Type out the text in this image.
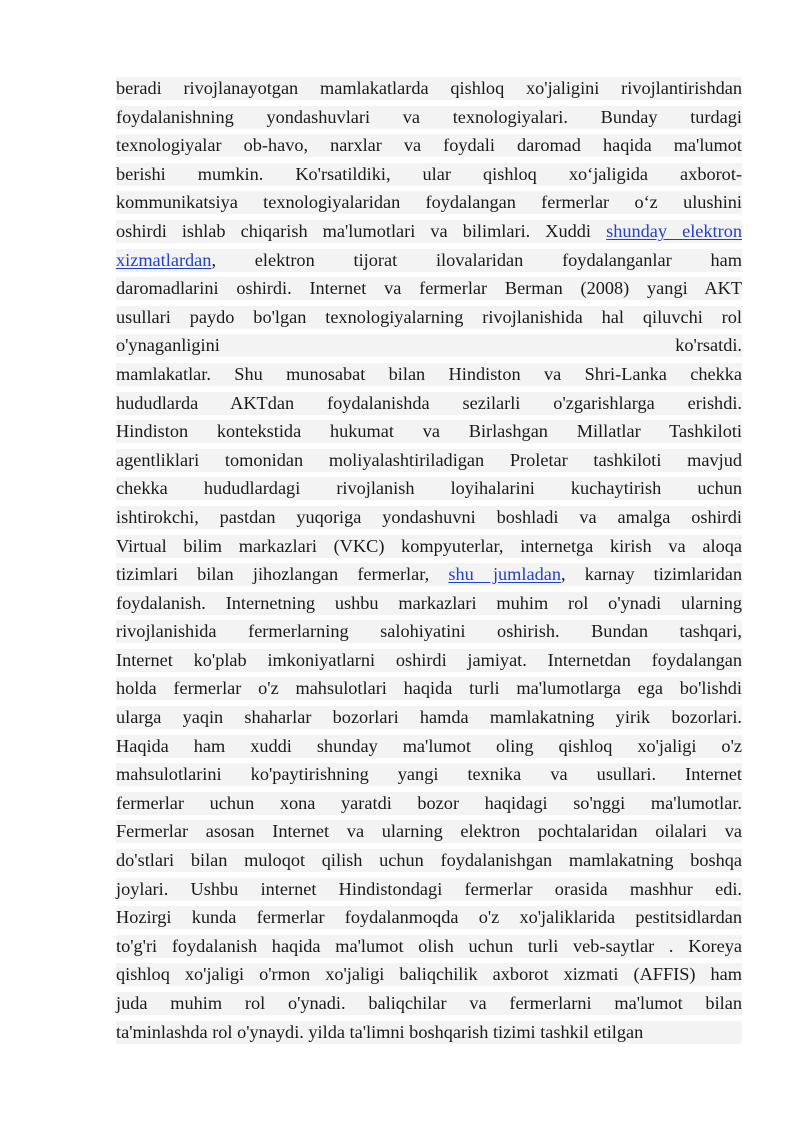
beradi rivojlanayotgan mamlakatlarda qishloq xo'jaligini rivojlantirishdan
foydalanishning yondashuvlari va texnologiyalari. Bunday turdagi
texnologiyalar ob-havo, narxlar va foydali daromad haqida ma'lumot
berishi mumkin. Ko'rsatildiki, ular qishloq xo‘jaligida axborot-
kommunikatsiya texnologiyalaridan foydalangan fermerlar o‘z ulushini
oshirdi ishlab chiqarish ma'lumotlari va bilimlari. Xuddi shunday elektron
xizmatlardan, elektron tijorat ilovalaridan foydalanganlar ham
daromadlarini oshirdi. Internet va fermerlar Berman (2008) yangi AKT
usullari paydo bo'lgan texnologiyalarning rivojlanishida hal qiluvchi rol
o'ynaganligini ko'rsatdi.
mamlakatlar. Shu munosabat bilan Hindiston va Shri-Lanka chekka
hududlarda AKTdan foydalanishda sezilarli o'zgarishlarga erishdi.
Hindiston kontekstida hukumat va Birlashgan Millatlar Tashkiloti
agentliklari tomonidan moliyalashtiriladigan Proletar tashkiloti mavjud
chekka hududlardagi rivojlanish loyihalarini kuchaytirish uchun
ishtirokchi, pastdan yuqoriga yondashuvni boshladi va amalga oshirdi
Virtual bilim markazlari (VKC) kompyuterlar, internetga kirish va aloqa
tizimlari bilan jihozlangan fermerlar, shu jumladan, karnay tizimlaridan
foydalanish. Internetning ushbu markazlari muhim rol o'ynadi ularning
rivojlanishida fermerlarning salohiyatini oshirish. Bundan tashqari,
Internet ko'plab imkoniyatlarni oshirdi jamiyat. Internetdan foydalangan
holda fermerlar o'z mahsulotlari haqida turli ma'lumotlarga ega bo'lishdi
ularga yaqin shaharlar bozorlari hamda mamlakatning yirik bozorlari.
Haqida ham xuddi shunday ma'lumot oling qishloq xo'jaligi o'z
mahsulotlarini ko'paytirishning yangi texnika va usullari. Internet
fermerlar uchun xona yaratdi bozor haqidagi so'nggi ma'lumotlar.
Fermerlar asosan Internet va ularning elektron pochtalaridan oilalari va
do'stlari bilan muloqot qilish uchun foydalanishgan mamlakatning boshqa
joylari. Ushbu internet Hindistondagi fermerlar orasida mashhur edi.
Hozirgi kunda fermerlar foydalanmoqda o'z xo'jaliklarida pestitsidlardan
to'g'ri foydalanish haqida ma'lumot olish uchun turli veb-saytlar . Koreya
qishloq xo'jaligi o'rmon xo'jaligi baliqchilik axborot xizmati (AFFIS) ham
juda muhim rol o'ynadi. baliqchilar va fermerlarni ma'lumot bilan
ta'minlashda rol o'ynaydi. yilda ta'limni boshqarish tizimi tashkil etilgan
